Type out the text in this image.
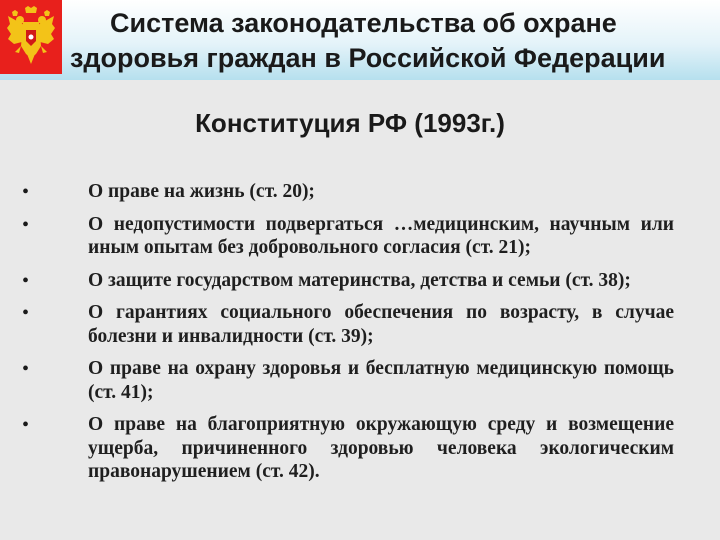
Система законодательства об охране
здоровья граждан в Российской Федерации
Конституция РФ (1993г.)
•	О праве на жизнь (ст. 20);
•	О недопустимости подвергаться …медицинским, научным или иным опытам без добровольного согласия (ст. 21);
•	О защите государством материнства, детства и семьи (ст. 38);
•	О гарантиях социального обеспечения по возрасту, в случае болезни и инвалидности (ст. 39);
•	О праве на охрану здоровья и бесплатную медицинскую помощь (ст. 41);
•	О праве на благоприятную окружающую среду и возмещение ущерба, причиненного здоровью человека экологическим правонарушением (ст. 42).
